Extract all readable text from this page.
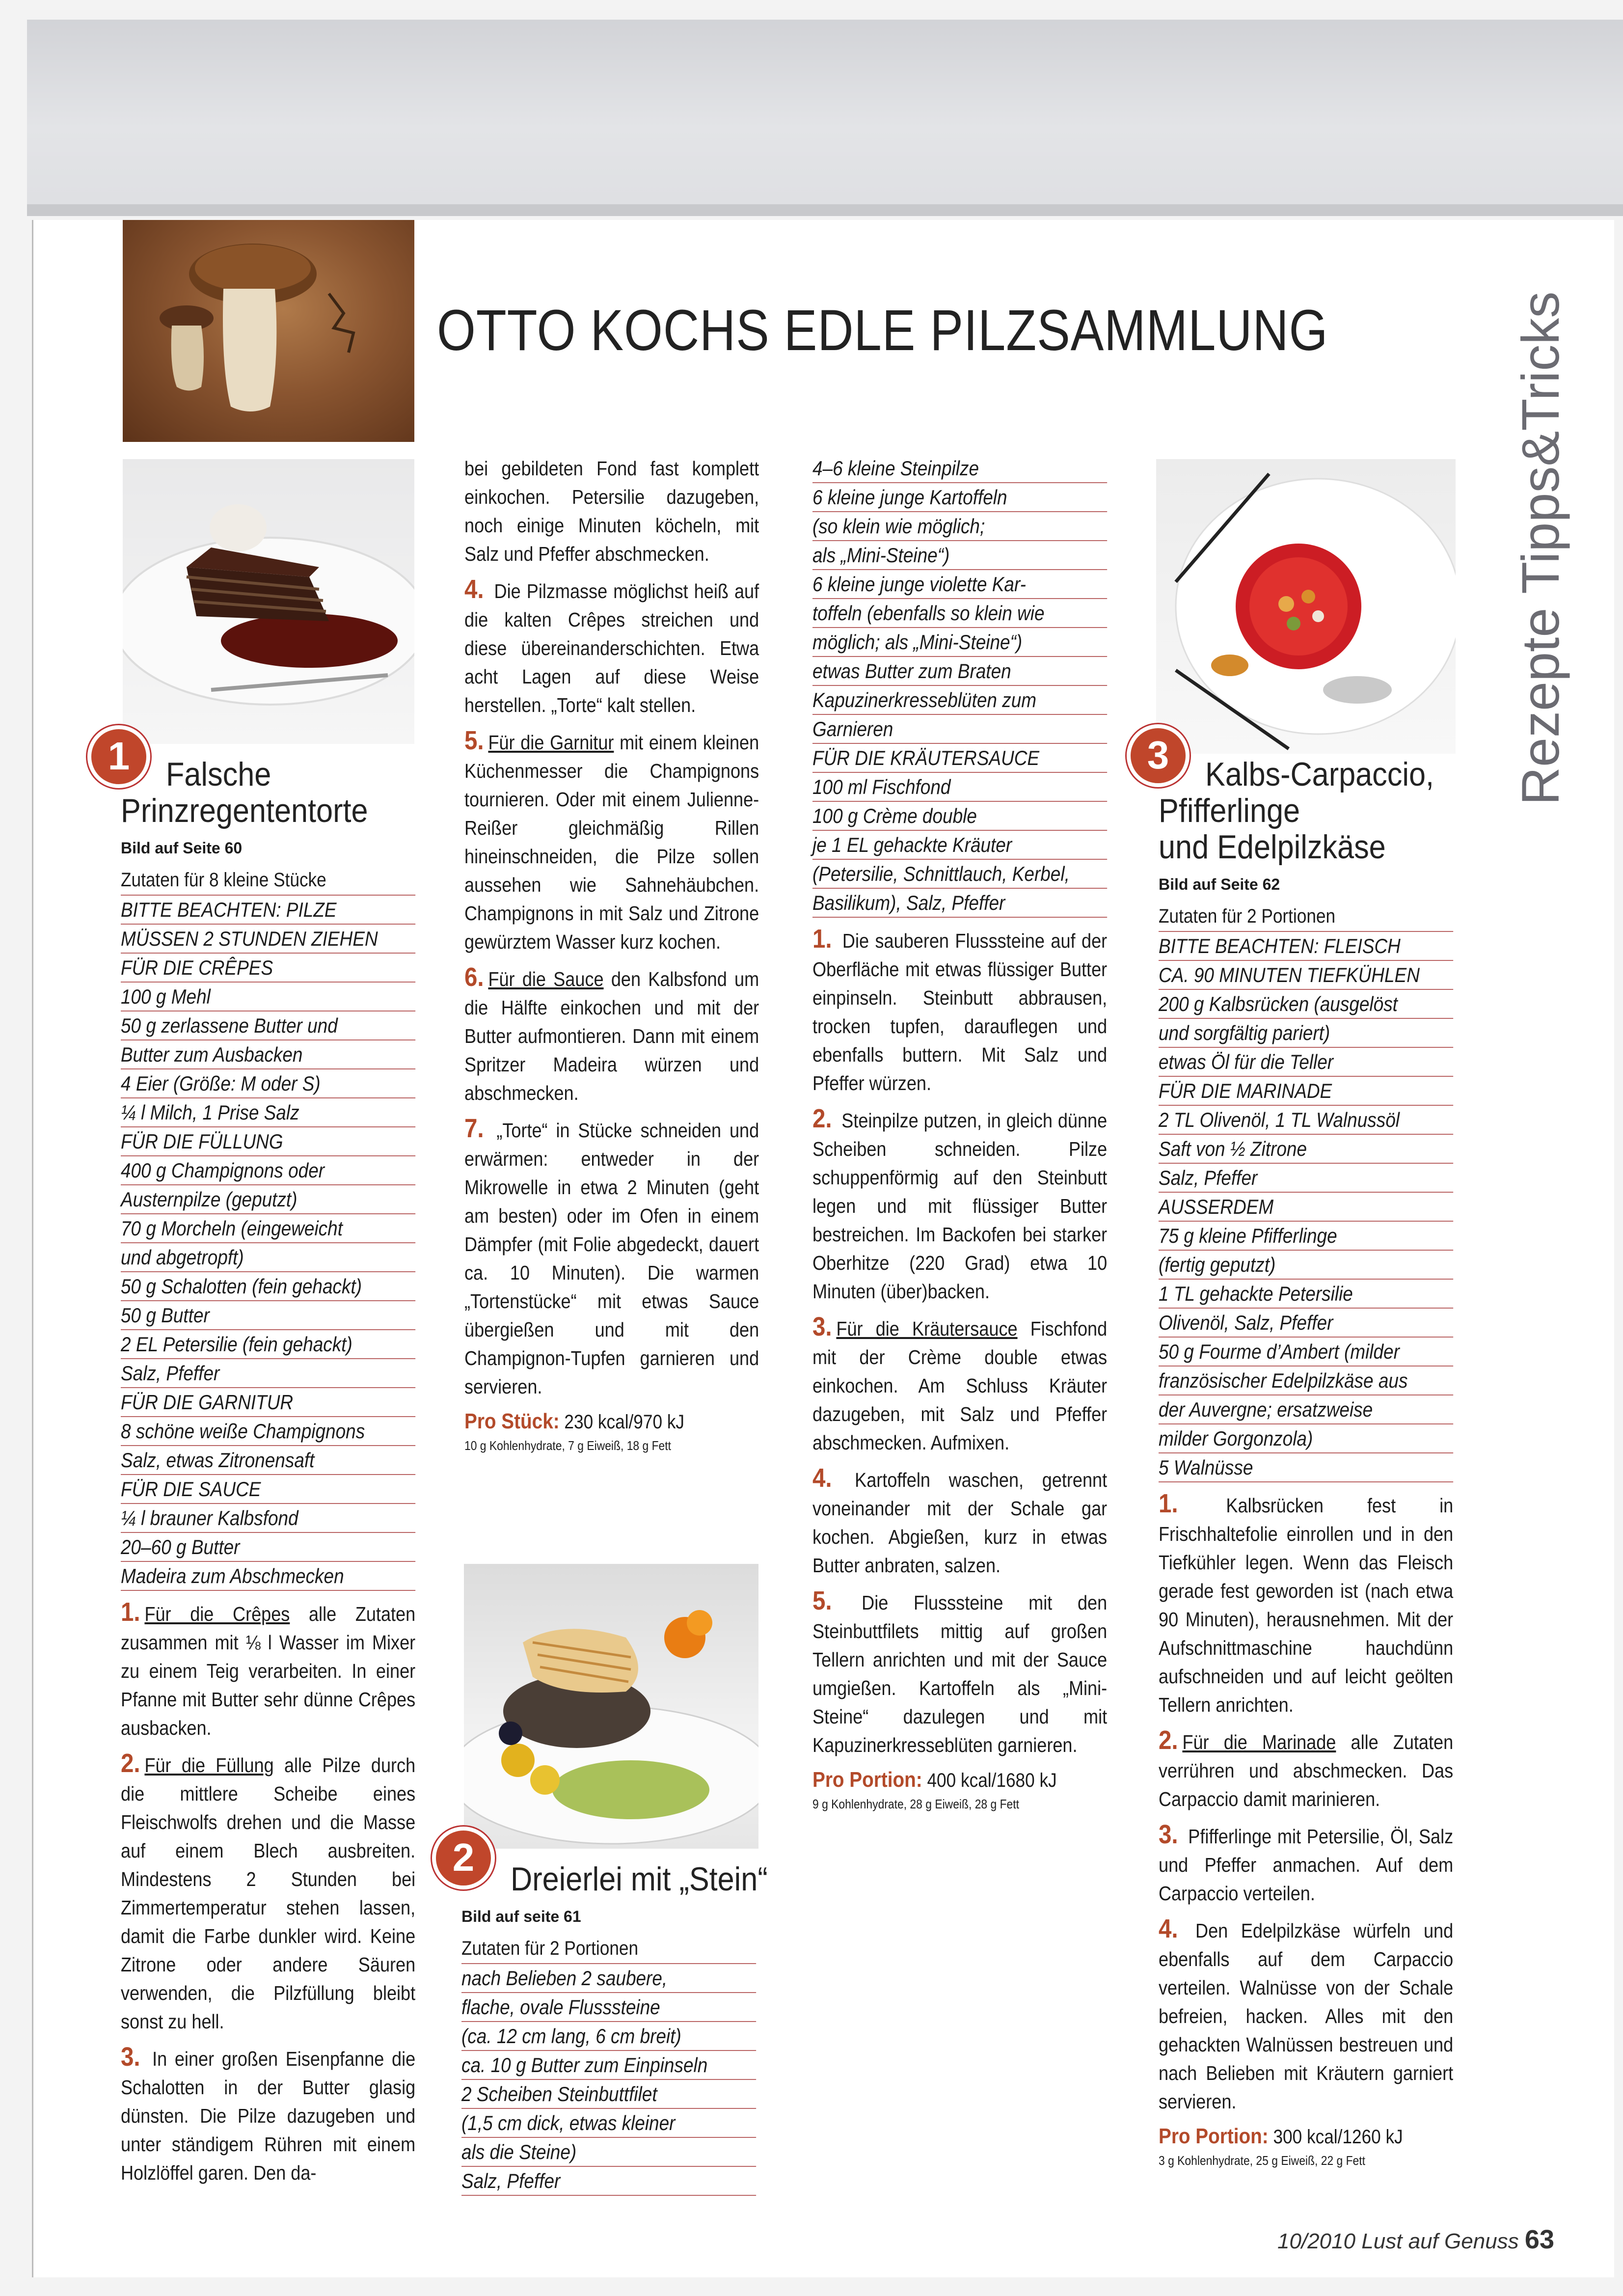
OTTO KOCHS EDLE PILZSAMMLUNG	Rezepte Tipps&Tricks
1	Falsche
Prinzregententorte
Bild auf Seite 60
Zutaten für 8 kleine Stücke
BITTE BEACHTEN: PILZE
MÜSSEN 2 STUNDEN ZIEHEN
FÜR DIE CRÊPES
100 g Mehl
50 g zerlassene Butter und
Butter zum Ausbacken
4 Eier (Größe: M oder S)
¼ l Milch, 1 Prise Salz
FÜR DIE FÜLLUNG
400 g Champignons oder
Austernpilze (geputzt)
70 g Morcheln (eingeweicht
und abgetropft)
50 g Schalotten (fein gehackt)
50 g Butter
2 EL Petersilie (fein gehackt)
Salz, Pfeffer
FÜR DIE GARNITUR
8 schöne weiße Champignons
Salz, etwas Zitronensaft
FÜR DIE SAUCE
¼ l brauner Kalbsfond
20–60 g Butter
Madeira zum Abschmecken
1. Für die Crêpes alle Zutaten zusammen mit ⅛ l Wasser im Mixer zu einem Teig verarbeiten. In einer Pfanne mit Butter sehr dünne Crêpes ausbacken.
2. Für die Füllung alle Pilze durch die mittlere Scheibe eines Fleischwolfs drehen und die Masse auf einem Blech ausbreiten. Mindestens 2 Stunden bei Zimmertemperatur stehen lassen, damit die Farbe dunkler wird. Keine Zitrone oder andere Säuren verwenden, die Pilzfüllung bleibt sonst zu hell.
3. In einer großen Eisenpfanne die Schalotten in der Butter glasig dünsten. Die Pilze dazugeben und unter ständigem Rühren mit einem Holzlöffel garen. Den da-
bei gebildeten Fond fast komplett einkochen. Petersilie dazugeben, noch einige Minuten köcheln, mit Salz und Pfeffer abschmecken.
4. Die Pilzmasse möglichst heiß auf die kalten Crêpes streichen und diese übereinanderschichten. Etwa acht Lagen auf diese Weise herstellen. „Torte“ kalt stellen.
5. Für die Garnitur mit einem kleinen Küchenmesser die Champignons tournieren. Oder mit einem Julienne-Reißer gleichmäßig Rillen hineinschneiden, die Pilze sollen aussehen wie Sahnehäubchen. Champignons in mit Salz und Zitrone gewürztem Wasser kurz kochen.
6. Für die Sauce den Kalbsfond um die Hälfte einkochen und mit der Butter aufmontieren. Dann mit einem Spritzer Madeira würzen und abschmecken.
7. „Torte“ in Stücke schneiden und erwärmen: entweder in der Mikrowelle in etwa 2 Minuten (geht am besten) oder im Ofen in einem Dämpfer (mit Folie abgedeckt, dauert ca. 10 Minuten). Die warmen „Tortenstücke“ mit etwas Sauce übergießen und mit den Champignon-Tupfen garnieren und servieren.
Pro Stück: 230 kcal/970 kJ
10 g Kohlenhydrate, 7 g Eiweiß, 18 g Fett
2	Dreierlei mit „Stein“
Bild auf seite 61
Zutaten für 2 Portionen
nach Belieben 2 saubere,
flache, ovale Flusssteine
(ca. 12 cm lang, 6 cm breit)
ca. 10 g Butter zum Einpinseln
2 Scheiben Steinbuttfilet
(1,5 cm dick, etwas kleiner
als die Steine)
Salz, Pfeffer
4–6 kleine Steinpilze
6 kleine junge Kartoffeln
(so klein wie möglich;
als „Mini-Steine“)
6 kleine junge violette Kar-
toffeln (ebenfalls so klein wie
möglich; als „Mini-Steine“)
etwas Butter zum Braten
Kapuzinerkresseblüten zum
Garnieren
FÜR DIE KRÄUTERSAUCE
100 ml Fischfond
100 g Crème double
je 1 EL gehackte Kräuter
(Petersilie, Schnittlauch, Kerbel,
Basilikum), Salz, Pfeffer
1. Die sauberen Flusssteine auf der Oberfläche mit etwas flüssiger Butter einpinseln. Steinbutt abbrausen, trocken tupfen, darauflegen und ebenfalls buttern. Mit Salz und Pfeffer würzen.
2. Steinpilze putzen, in gleich dünne Scheiben schneiden. Pilze schuppenförmig auf den Steinbutt legen und mit flüssiger Butter bestreichen. Im Backofen bei starker Oberhitze (220 Grad) etwa 10 Minuten (über)backen.
3. Für die Kräutersauce Fischfond mit der Crème double etwas einkochen. Am Schluss Kräuter dazugeben, mit Salz und Pfeffer abschmecken. Aufmixen.
4. Kartoffeln waschen, getrennt voneinander mit der Schale gar kochen. Abgießen, kurz in etwas Butter anbraten, salzen.
5. Die Flusssteine mit den Steinbuttfilets mittig auf großen Tellern anrichten und mit der Sauce umgießen. Kartoffeln als „Mini-Steine“ dazulegen und mit Kapuzinerkresseblüten garnieren.
Pro Portion: 400 kcal/1680 kJ
9 g Kohlenhydrate, 28 g Eiweiß, 28 g Fett
3	Kalbs-Carpaccio,
Pfifferlinge
und Edelpilzkäse
Bild auf Seite 62
Zutaten für 2 Portionen
BITTE BEACHTEN: FLEISCH
CA. 90 MINUTEN TIEFKÜHLEN
200 g Kalbsrücken (ausgelöst
und sorgfältig pariert)
etwas Öl für die Teller
FÜR DIE MARINADE
2 TL Olivenöl, 1 TL Walnussöl
Saft von ½ Zitrone
Salz, Pfeffer
AUSSERDEM
75 g kleine Pfifferlinge
(fertig geputzt)
1 TL gehackte Petersilie
Olivenöl, Salz, Pfeffer
50 g Fourme d’Ambert (milder
französischer Edelpilzkäse aus
der Auvergne; ersatzweise
milder Gorgonzola)
5 Walnüsse
1. Kalbsrücken fest in Frischhaltefolie einrollen und in den Tiefkühler legen. Wenn das Fleisch gerade fest geworden ist (nach etwa 90 Minuten), herausnehmen. Mit der Aufschnittmaschine hauchdünn aufschneiden und auf leicht geölten Tellern anrichten.
2. Für die Marinade alle Zutaten verrühren und abschmecken. Das Carpaccio damit marinieren.
3. Pfifferlinge mit Petersilie, Öl, Salz und Pfeffer anmachen. Auf dem Carpaccio verteilen.
4. Den Edelpilzkäse würfeln und ebenfalls auf dem Carpaccio verteilen. Walnüsse von der Schale befreien, hacken. Alles mit den gehackten Walnüssen bestreuen und nach Belieben mit Kräutern garniert servieren.
Pro Portion: 300 kcal/1260 kJ
3 g Kohlenhydrate, 25 g Eiweiß, 22 g Fett
10/2010 Lust auf Genuss 63
